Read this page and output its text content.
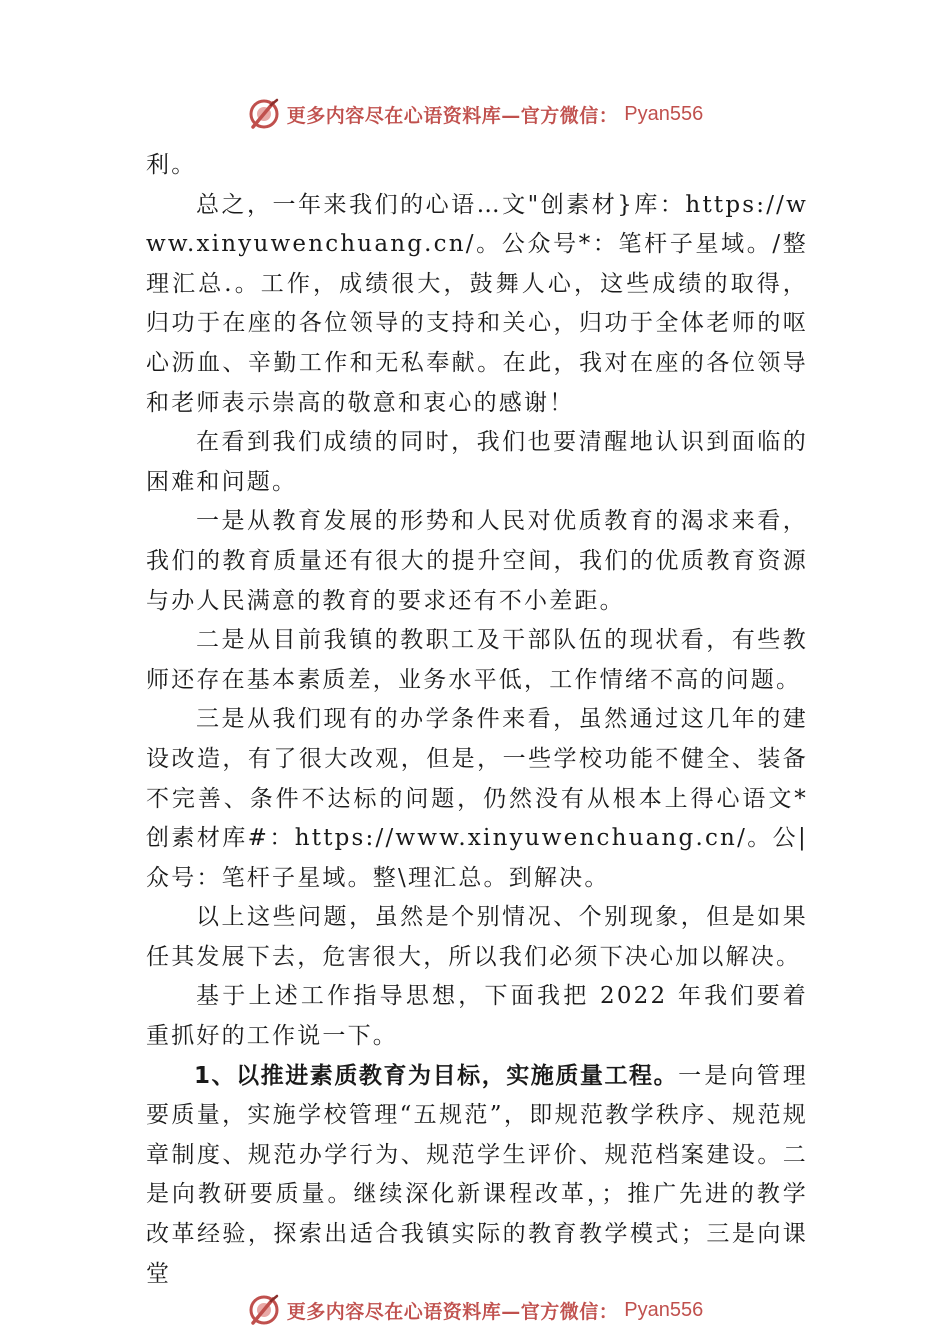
更多内容尽在心语资料库—官方微信： Pyan556

利。

总之，一年来我们的心语…文"创素材}库：https://www.xinyuwenchuang.cn/。公众号*：笔杆子星域。/整理汇总.。工作，成绩很大，鼓舞人心，这些成绩的取得，归功于在座的各位领导的支持和关心，归功于全体老师的呕心沥血、辛勤工作和无私奉献。在此，我对在座的各位领导和老师表示崇高的敬意和衷心的感谢！

在看到我们成绩的同时，我们也要清醒地认识到面临的困难和问题。

一是从教育发展的形势和人民对优质教育的渴求来看，我们的教育质量还有很大的提升空间，我们的优质教育资源与办人民满意的教育的要求还有不小差距。

二是从目前我镇的教职工及干部队伍的现状看，有些教师还存在基本素质差，业务水平低，工作情绪不高的问题。

三是从我们现有的办学条件来看，虽然通过这几年的建设改造，有了很大改观，但是，一些学校功能不健全、装备不完善、条件不达标的问题，仍然没有从根本上得心语文*创素材库#：https://www.xinyuwenchuang.cn/。公|众号：笔杆子星域。整\理汇总。到解决。

以上这些问题，虽然是个别情况、个别现象，但是如果任其发展下去，危害很大，所以我们必须下决心加以解决。

基于上述工作指导思想，下面我把 2022 年我们要着重抓好的工作说一下。

1、以推进素质教育为目标，实施质量工程。一是向管理 要质量，实施学校管理“五规范”，即规范教学秩序、规范规章制度、规范办学行为、规范学生评价、规范档案建设。二是向教研要质量。继续深化新课程改革，；推广先进的教学改革经验，探索出适合我镇实际的教育教学模式；三是向课堂

更多内容尽在心语资料库—官方微信： Pyan556
